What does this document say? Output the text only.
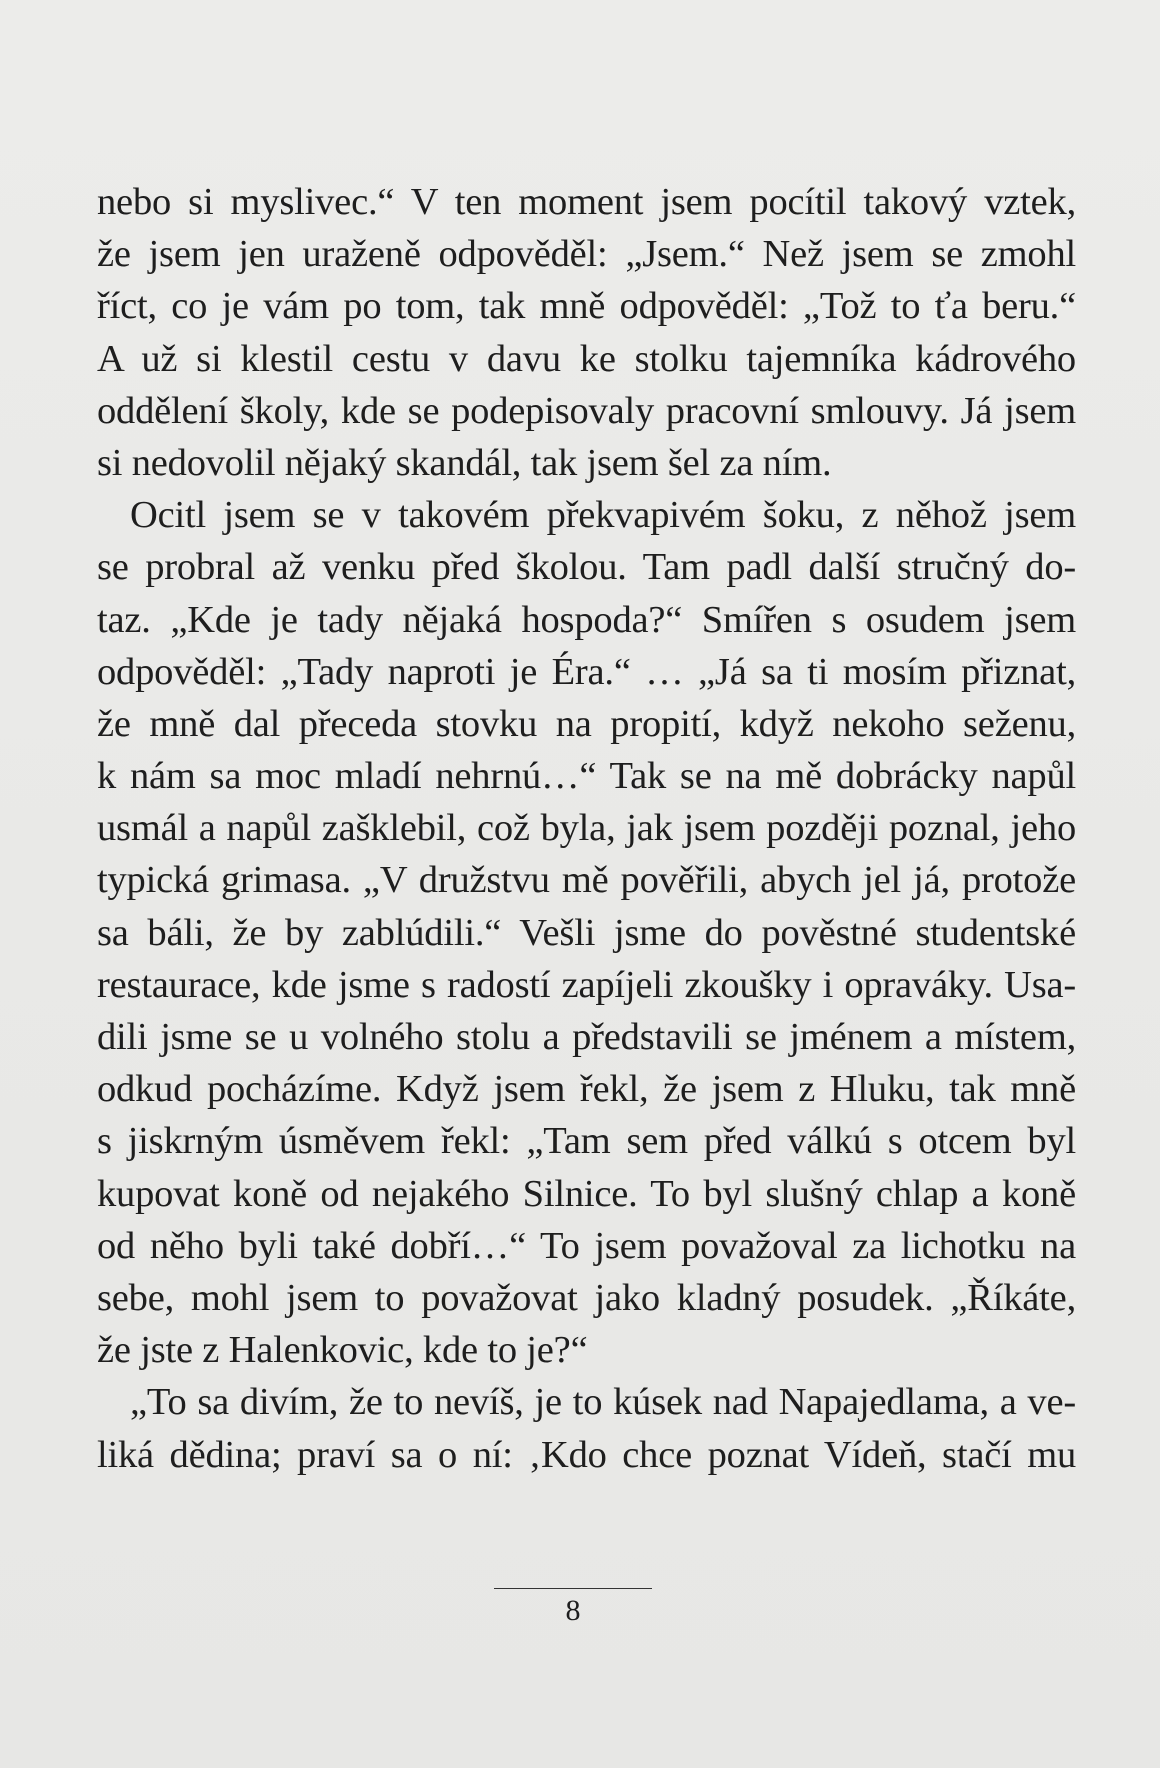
nebo si myslivec.“ V ten moment jsem pocítil takový vztek,
že jsem jen uraženě odpověděl: „Jsem.“ Než jsem se zmohl
říct, co je vám po tom, tak mně odpověděl: „Tož to ťa beru.“
A už si klestil cestu v davu ke stolku tajemníka kádrového
oddělení školy, kde se podepisovaly pracovní smlouvy. Já jsem
si nedovolil nějaký skandál, tak jsem šel za ním.
Ocitl jsem se v takovém překvapivém šoku, z něhož jsem
se probral až venku před školou. Tam padl další stručný do-
taz. „Kde je tady nějaká hospoda?“ Smířen s osudem jsem
odpověděl: „Tady naproti je Éra.“ … „Já sa ti mosím přiznat,
že mně dal přeceda stovku na propití, když nekoho seženu,
k nám sa moc mladí nehrnú…“ Tak se na mě dobrácky napůl
usmál a napůl zašklebil, což byla, jak jsem později poznal, jeho
typická grimasa. „V družstvu mě pověřili, abych jel já, protože
sa báli, že by zablúdili.“ Vešli jsme do pověstné studentské
restaurace, kde jsme s radostí zapíjeli zkoušky i opraváky. Usa-
dili jsme se u volného stolu a představili se jménem a místem,
odkud pocházíme. Když jsem řekl, že jsem z Hluku, tak mně
s jiskrným úsměvem řekl: „Tam sem před válkú s otcem byl
kupovat koně od nejakého Silnice. To byl slušný chlap a koně
od něho byli také dobří…“ To jsem považoval za lichotku na
sebe, mohl jsem to považovat jako kladný posudek. „Říkáte,
že jste z Halenkovic, kde to je?“
„To sa divím, že to nevíš, je to kúsek nad Napajedlama, a ve-
liká dědina; praví sa o ní: ‚Kdo chce poznat Vídeň, stačí mu
8
